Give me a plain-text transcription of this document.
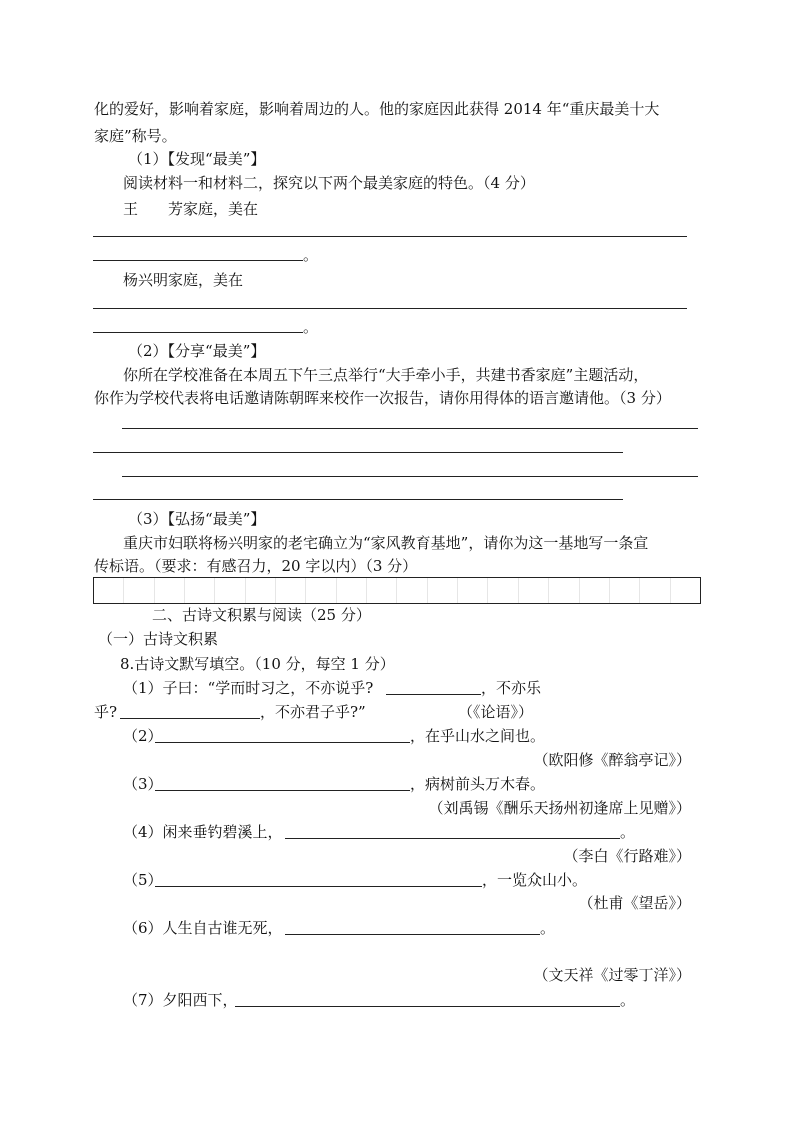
化的爱好，影响着家庭，影响着周边的人。他的家庭因此获得 2014 年“重庆最美十大
家庭”称号。
（1）【发现“最美”】
阅读材料一和材料二，探究以下两个最美家庭的特色。（4 分）
王　　芳家庭，美在
。
杨兴明家庭，美在
。
（2）【分享“最美”】
你所在学校准备在本周五下午三点举行“大手牵小手，共建书香家庭”主题活动，
你作为学校代表将电话邀请陈朝晖来校作一次报告，请你用得体的语言邀请他。（3 分）
（3）【弘扬“最美”】
重庆市妇联将杨兴明家的老宅确立为“家风教育基地”，请你为这一基地写一条宣
传标语。（要求：有感召力，20 字以内）（3 分）
二、古诗文积累与阅读（25 分）
（一）古诗文积累
8.古诗文默写填空。（10 分，每空 1 分）
（1）子曰：“学而时习之，不亦说乎?	，不亦乐
乎?	，不亦君子乎?”	（《论语》）
（2）	，在乎山水之间也。
（欧阳修《醉翁亭记》）
（3）	，病树前头万木春。
（刘禹锡《酬乐天扬州初逢席上见赠》）
（4）闲来垂钓碧溪上，	。
（李白《行路难》）
（5）	，一览众山小。
（杜甫《望岳》）
（6）人生自古谁无死，	。
（文天祥《过零丁洋》）
（7）夕阳西下，	。
